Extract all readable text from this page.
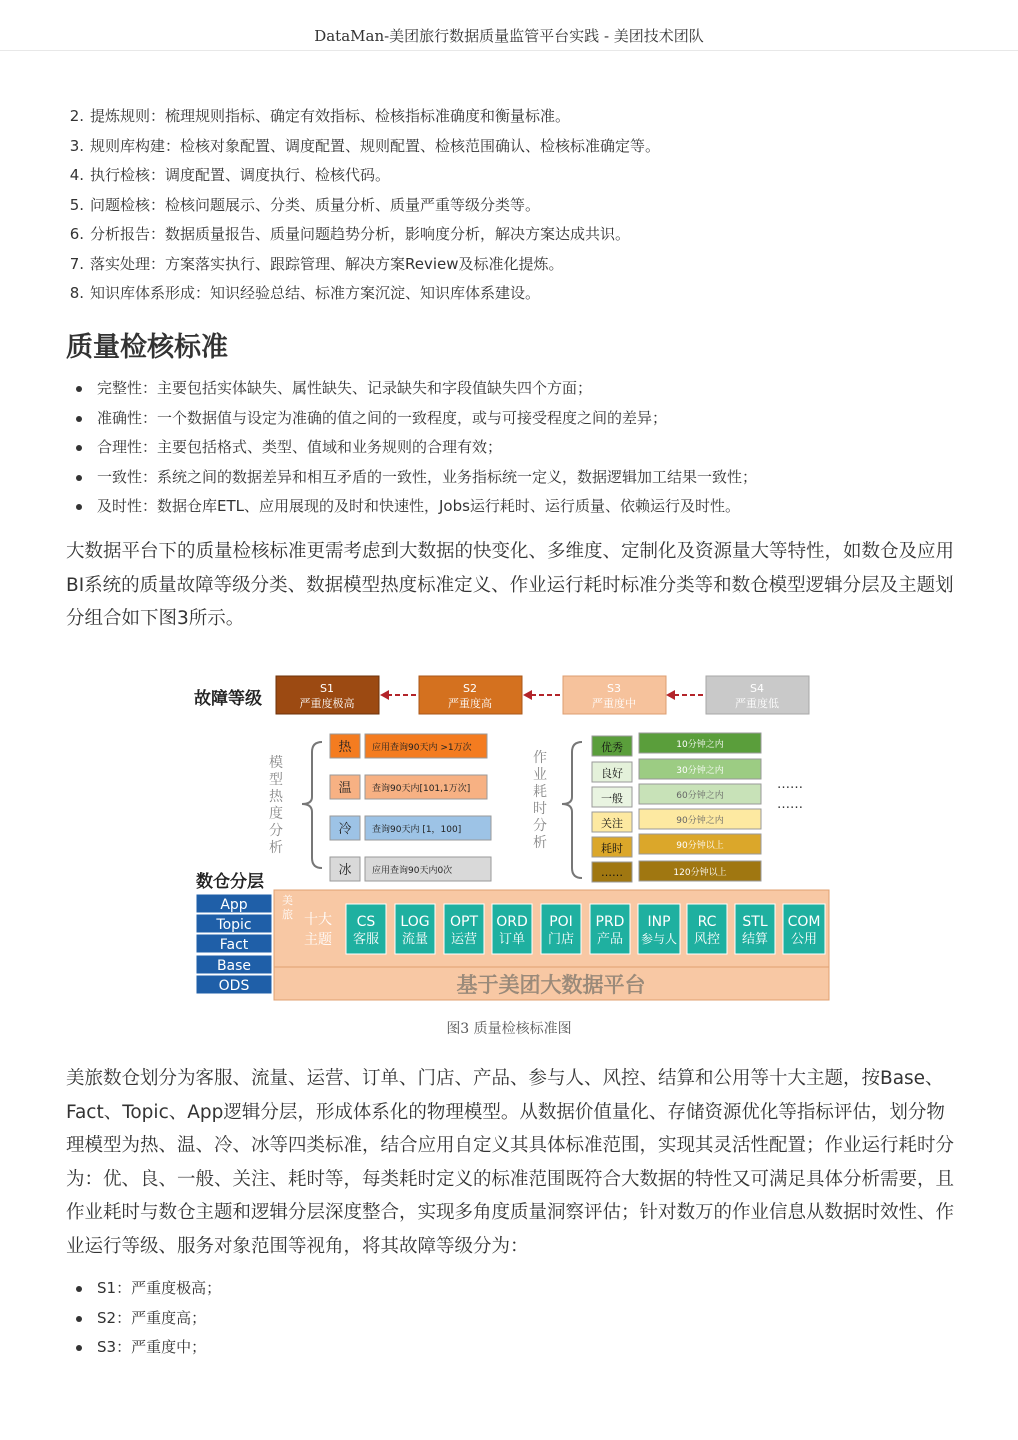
DataMan-美团旅行数据质量监管平台实践 - 美团技术团队
2. 提炼规则：梳理规则指标、确定有效指标、检核指标准确度和衡量标准。
3. 规则库构建：检核对象配置、调度配置、规则配置、检核范围确认、检核标准确定等。
4. 执行检核：调度配置、调度执行、检核代码。
5. 问题检核：检核问题展示、分类、质量分析、质量严重等级分类等。
6. 分析报告：数据质量报告、质量问题趋势分析，影响度分析，解决方案达成共识。
7. 落实处理：方案落实执行、跟踪管理、解决方案Review及标准化提炼。
8. 知识库体系形成：知识经验总结、标准方案沉淀、知识库体系建设。
质量检核标准
完整性：主要包括实体缺失、属性缺失、记录缺失和字段值缺失四个方面；
准确性：一个数据值与设定为准确的值之间的一致程度，或与可接受程度之间的差异；
合理性：主要包括格式、类型、值域和业务规则的合理有效；
一致性：系统之间的数据差异和相互矛盾的一致性，业务指标统一定义，数据逻辑加工结果一致性；
及时性：数据仓库ETL、应用展现的及时和快速性，Jobs运行耗时、运行质量、依赖运行及时性。

大数据平台下的质量检核标准更需考虑到大数据的快变化、多维度、定制化及资源量大等特性，如数仓及应用BI系统的质量故障等级分类、数据模型热度标准定义、作业运行耗时标准分类等和数仓模型逻辑分层及主题划分组合如下图3所示。

故障等级
S1
严重度极高
S2
严重度高
S3
严重度中
S4
严重度低
模
型
热
度
分
析
热 应用查询90天内 >1万次
温 查询90天内[101,1万次]
冷 查询90天内 [1，100]
冰 应用查询90天内0次
作
业
耗
时
分
析
优秀	10分钟之内
良好	30分钟之内
一般	60分钟之内
关注	90分钟之内
耗时	90分钟以上
……	120分钟以上
……
……
数仓分层
App
Topic
Fact
Base
ODS
美
旅 十大
主题
CS
客服
LOG
流量
OPT
运营
ORD
订单
POI
门店
PRD
产品
INP
参与人
RC
风控
STL
结算
COM
公用
基于美团大数据平台
图3 质量检核标准图

美旅数仓划分为客服、流量、运营、订单、门店、产品、参与人、风控、结算和公用等十大主题，按Base、Fact、Topic、App逻辑分层，形成体系化的物理模型。从数据价值量化、存储资源优化等指标评估，划分物理模型为热、温、冷、冰等四类标准，结合应用自定义其具体标准范围，实现其灵活性配置；作业运行耗时分为：优、良、一般、关注、耗时等，每类耗时定义的标准范围既符合大数据的特性又可满足具体分析需要，且作业耗时与数仓主题和逻辑分层深度整合，实现多角度质量洞察评估；针对数万的作业信息从数据时效性、作业运行等级、服务对象范围等视角，将其故障等级分为：

S1：严重度极高；
S2：严重度高；
S3：严重度中；
